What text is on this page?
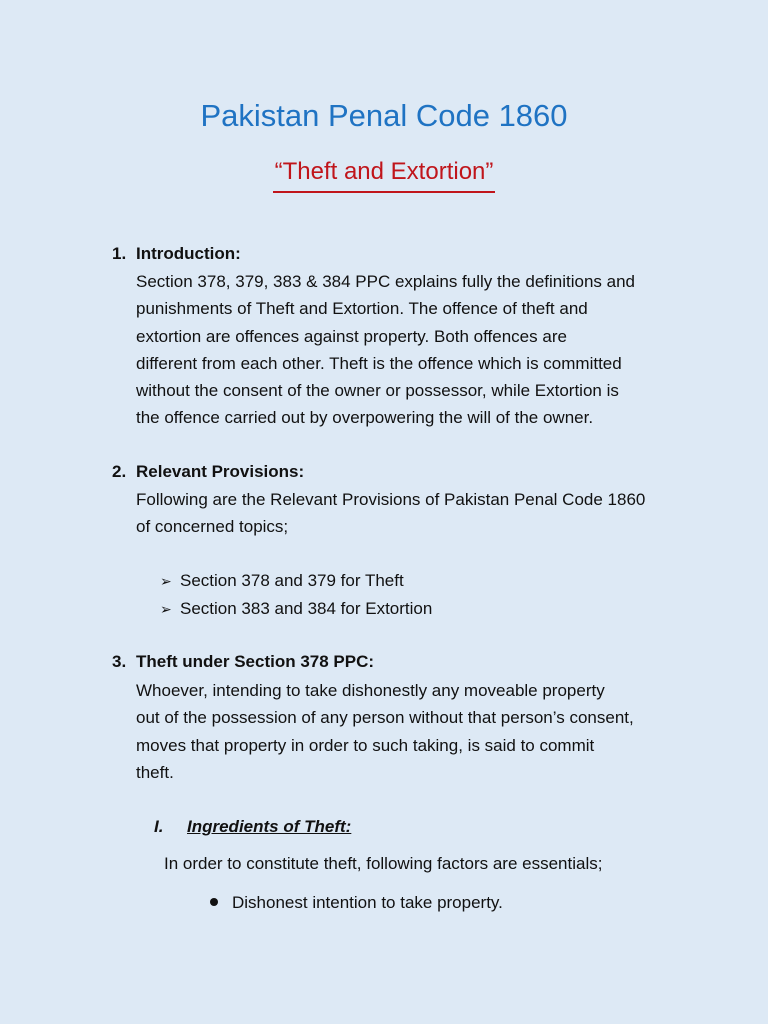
Pakistan Penal Code 1860
“Theft and Extortion”
1. Introduction:
Section 378, 379, 383 & 384 PPC explains fully the definitions and
punishments of Theft and Extortion. The offence of theft and
extortion are offences against property. Both offences are
different from each other. Theft is the offence which is committed
without the consent of the owner or possessor, while Extortion is
the offence carried out by overpowering the will of the owner.
2. Relevant Provisions:
Following are the Relevant Provisions of Pakistan Penal Code 1860
of concerned topics;
➢ Section 378 and 379 for Theft
➢ Section 383 and 384 for Extortion
3. Theft under Section 378 PPC:
Whoever, intending to take dishonestly any moveable property
out of the possession of any person without that person’s consent,
moves that property in order to such taking, is said to commit
theft.
I. Ingredients of Theft:
In order to constitute theft, following factors are essentials;
Dishonest intention to take property.
